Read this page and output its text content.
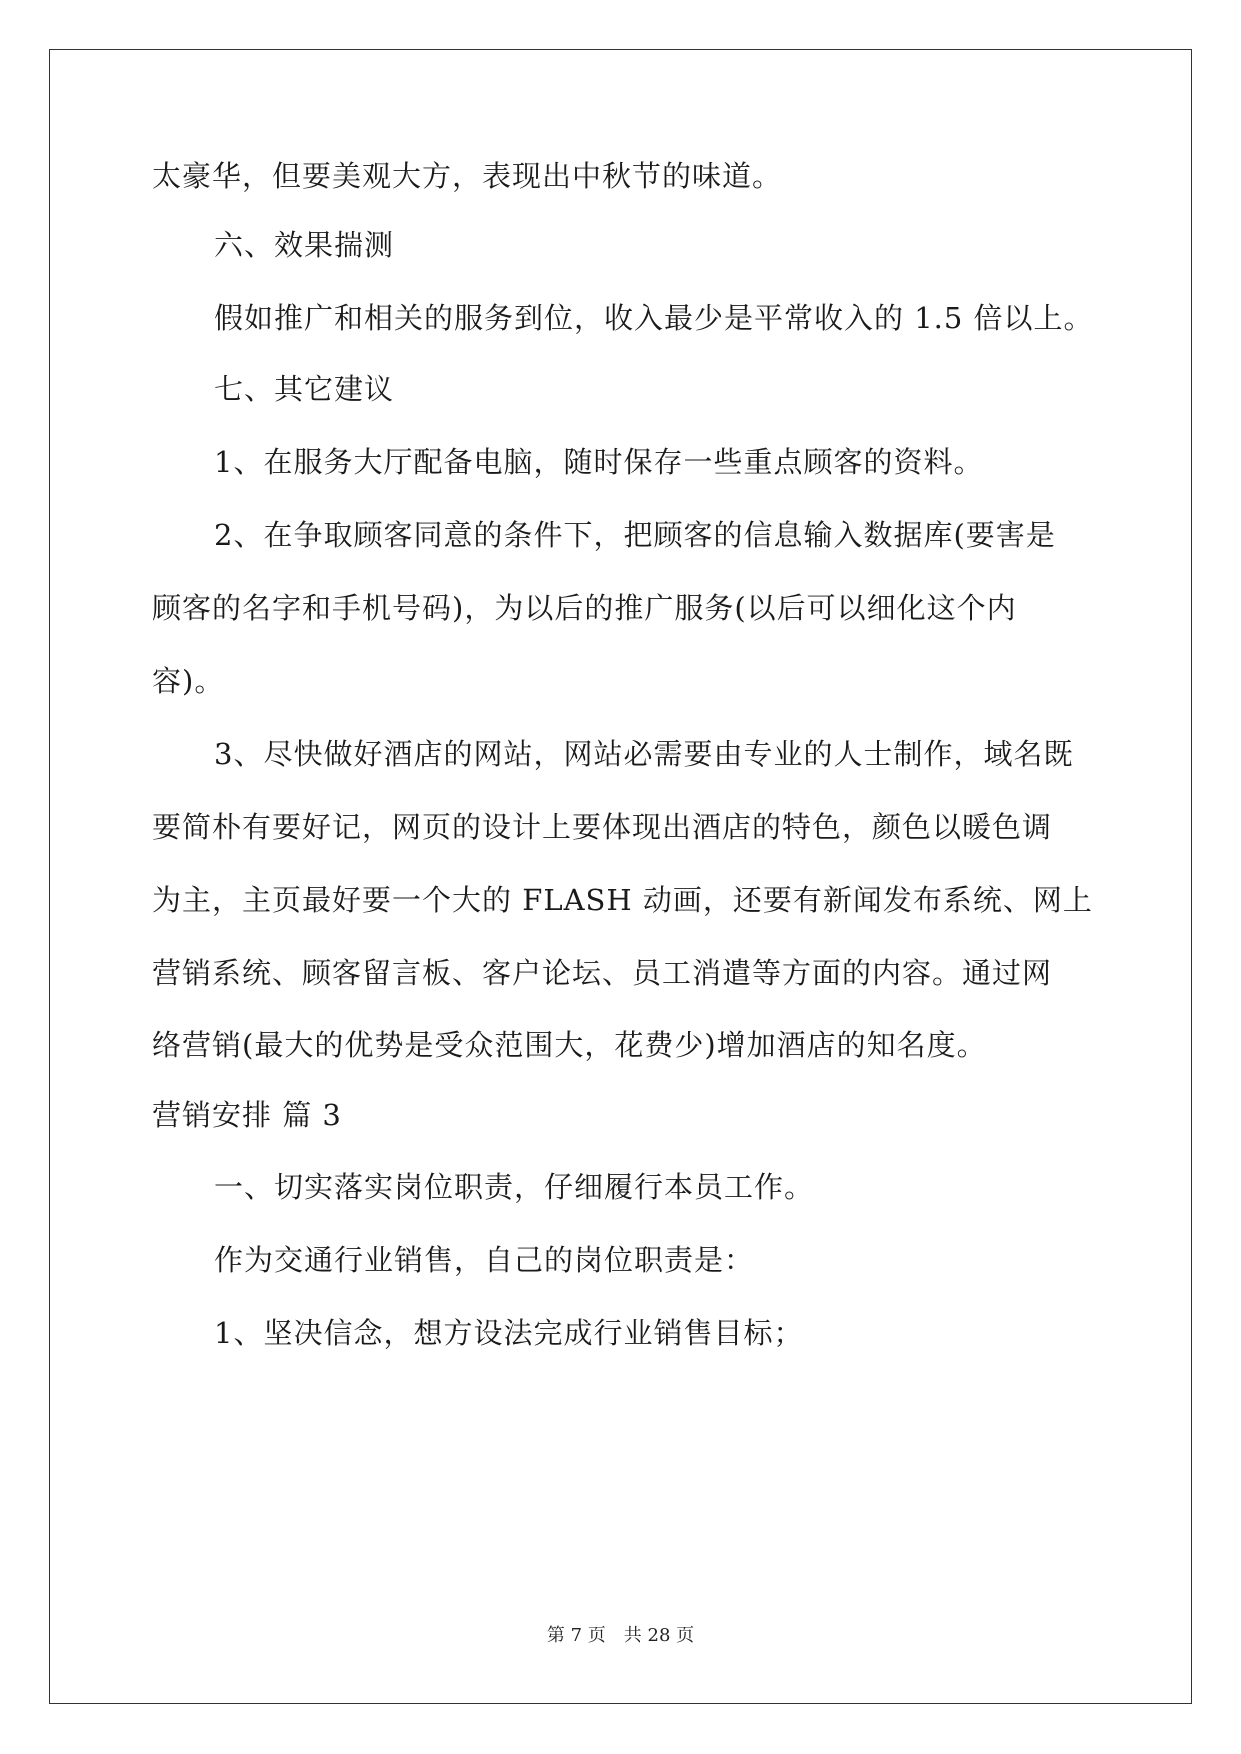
太豪华，但要美观大方，表现出中秋节的味道。
六、效果揣测
假如推广和相关的服务到位，收入最少是平常收入的 1.5 倍以上。
七、其它建议
1、在服务大厅配备电脑，随时保存一些重点顾客的资料。
2、在争取顾客同意的条件下，把顾客的信息输入数据库(要害是
顾客的名字和手机号码)，为以后的推广服务(以后可以细化这个内
容)。
3、尽快做好酒店的网站，网站必需要由专业的人士制作，域名既
要简朴有要好记，网页的设计上要体现出酒店的特色，颜色以暖色调
为主，主页最好要一个大的 FLASH 动画，还要有新闻发布系统、网上
营销系统、顾客留言板、客户论坛、员工消遣等方面的内容。通过网
络营销(最大的优势是受众范围大，花费少)增加酒店的知名度。
营销安排 篇 3
一、切实落实岗位职责，仔细履行本员工作。
作为交通行业销售，自己的岗位职责是：
1、坚决信念，想方设法完成行业销售目标；
第 7 页　共 28 页
